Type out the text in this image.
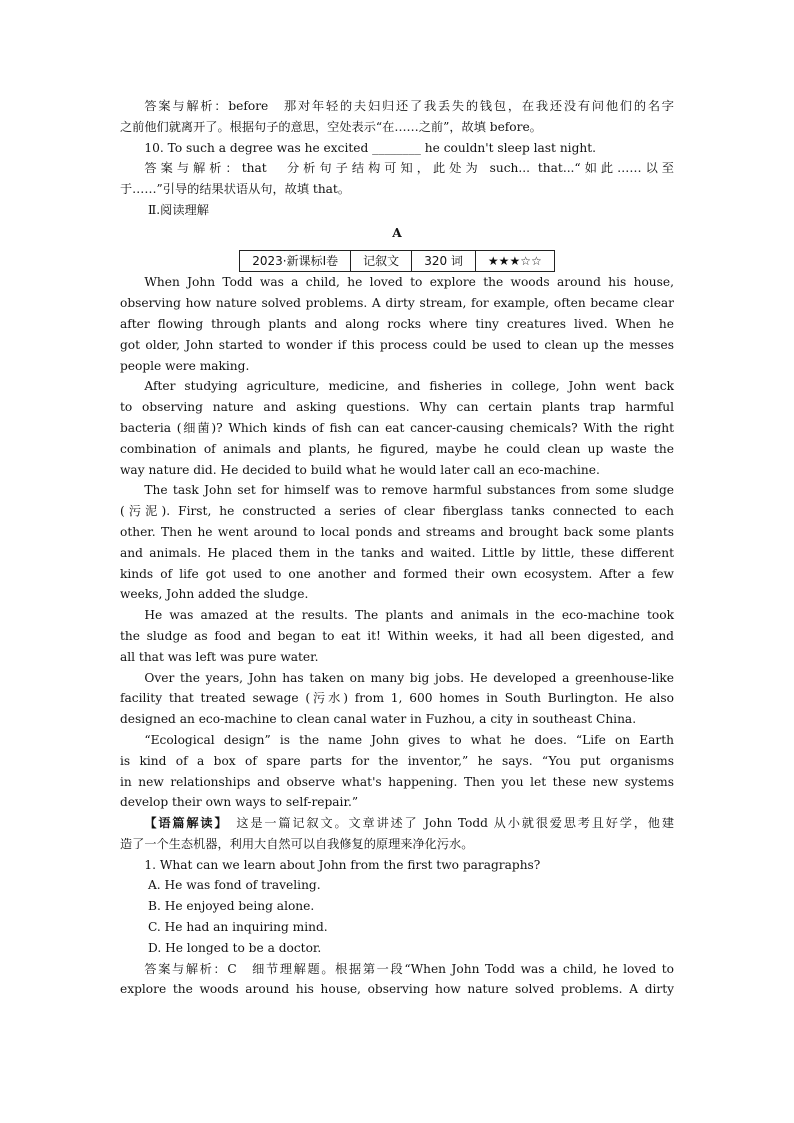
答案与解析：before　那对年轻的夫妇归还了我丢失的钱包，在我还没有问他们的名字

之前他们就离开了。根据句子的意思，空处表示“在……之前”，故填 before。

10. To such a degree was he excited ________ he couldn't sleep last night.

答案与解析：that　分析句子结构可知，此处为 such... that...“如此……以至

于……”引导的结果状语从句，故填 that。

Ⅱ.阅读理解

A

2023·新课标Ⅰ卷	记叙文	320 词	★★★☆☆

When John Todd was a child, he loved to explore the woods around his house,

observing how nature solved problems. A dirty stream, for example, often became clear

after flowing through plants and along rocks where tiny creatures lived. When he

got older, John started to wonder if this process could be used to clean up the messes

people were making.

After studying agriculture, medicine, and fisheries in college, John went back

to observing nature and asking questions. Why can certain plants trap harmful

bacteria (细菌)? Which kinds of fish can eat cancer-causing chemicals? With the right

combination of animals and plants, he figured, maybe he could clean up waste the

way nature did. He decided to build what he would later call an eco-machine.

The task John set for himself was to remove harmful substances from some sludge

(污泥). First, he constructed a series of clear fiberglass tanks connected to each

other. Then he went around to local ponds and streams and brought back some plants

and animals. He placed them in the tanks and waited. Little by little, these different

kinds of life got used to one another and formed their own ecosystem. After a few

weeks, John added the sludge.

He was amazed at the results. The plants and animals in the eco-machine took

the sludge as food and began to eat it! Within weeks, it had all been digested, and

all that was left was pure water.

Over the years, John has taken on many big jobs. He developed a greenhouse-like

facility that treated sewage (污水) from 1, 600 homes in South Burlington. He also

designed an eco-machine to clean canal water in Fuzhou, a city in southeast China.

“Ecological design” is the name John gives to what he does. “Life on Earth

is kind of a box of spare parts for the inventor,” he says. “You put organisms

in new relationships and observe what's happening. Then you let these new systems

develop their own ways to self-repair.”

【语篇解读】　这是一篇记叙文。文章讲述了 John Todd 从小就很爱思考且好学，他建

造了一个生态机器，利用大自然可以自我修复的原理来净化污水。

1. What can we learn about John from the first two paragraphs?

A. He was fond of traveling.

B. He enjoyed being alone.

C. He had an inquiring mind.

D. He longed to be a doctor.

答案与解析：C　细节理解题。根据第一段“When John Todd was a child, he loved to

explore the woods around his house, observing how nature solved problems. A dirty
